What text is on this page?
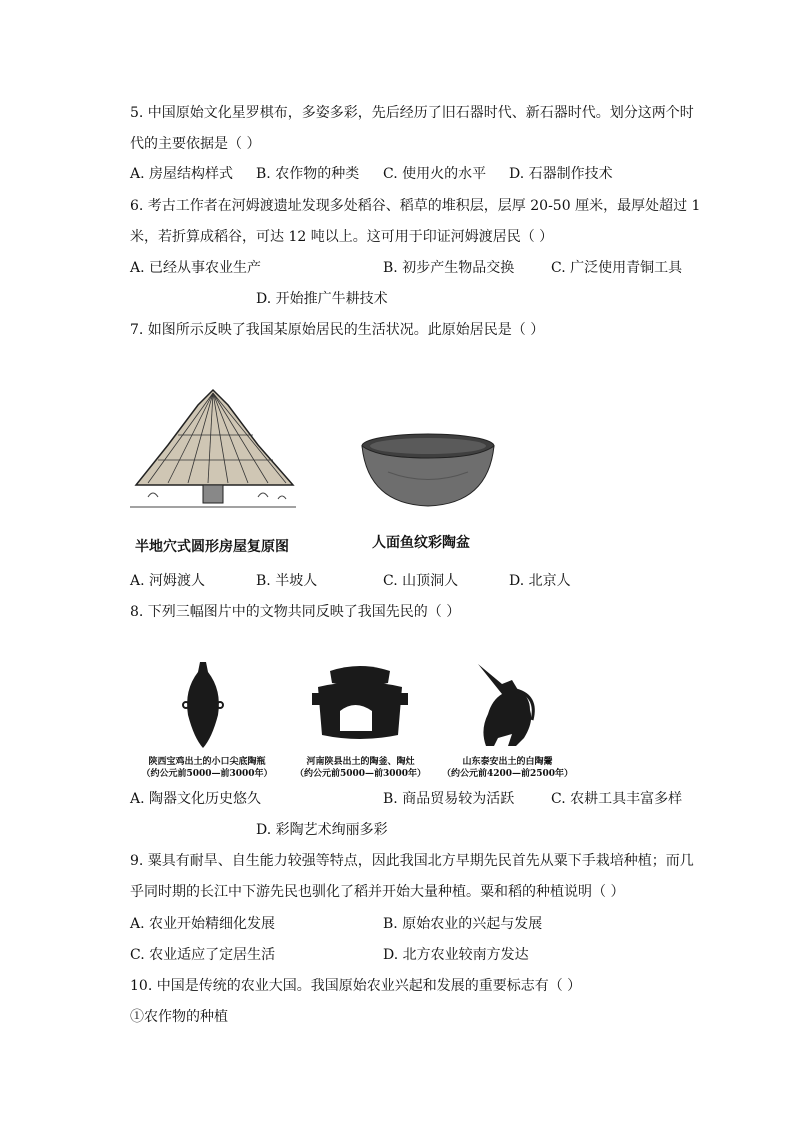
5. 中国原始文化星罗棋布，多姿多彩，先后经历了旧石器时代、新石器时代。划分这两个时
代的主要依据是（ ）
A. 房屋结构样式 B. 农作物的种类 C. 使用火的水平 D. 石器制作技术
6. 考古工作者在河姆渡遗址发现多处稻谷、稻草的堆积层，层厚 20-50 厘米，最厚处超过 1
米，若折算成稻谷，可达 12 吨以上。这可用于印证河姆渡居民（ ）
A. 已经从事农业生产	B. 初步产生物品交换	C. 广泛使用青铜工具
D. 开始推广牛耕技术
7. 如图所示反映了我国某原始居民的生活状况。此原始居民是（ ）
半地穴式圆形房屋复原图	人面鱼纹彩陶盆
A. 河姆渡人	B. 半坡人	C. 山顶洞人	D. 北京人
8. 下列三幅图片中的文物共同反映了我国先民的（ ）
陕西宝鸡出土的小口尖底陶瓶
（约公元前5000—前3000年）
河南陕县出土的陶釜、陶灶
（约公元前5000—前3000年）
山东泰安出土的白陶鬶
（约公元前4200—前2500年）
A. 陶器文化历史悠久	B. 商品贸易较为活跃	C. 农耕工具丰富多样
D. 彩陶艺术绚丽多彩
9. 粟具有耐旱、自生能力较强等特点，因此我国北方早期先民首先从粟下手栽培种植；而几
乎同时期的长江中下游先民也驯化了稻并开始大量种植。粟和稻的种植说明（ ）
A. 农业开始精细化发展	B. 原始农业的兴起与发展
C. 农业适应了定居生活	D. 北方农业较南方发达
10. 中国是传统的农业大国。我国原始农业兴起和发展的重要标志有（ ）
①农作物的种植
